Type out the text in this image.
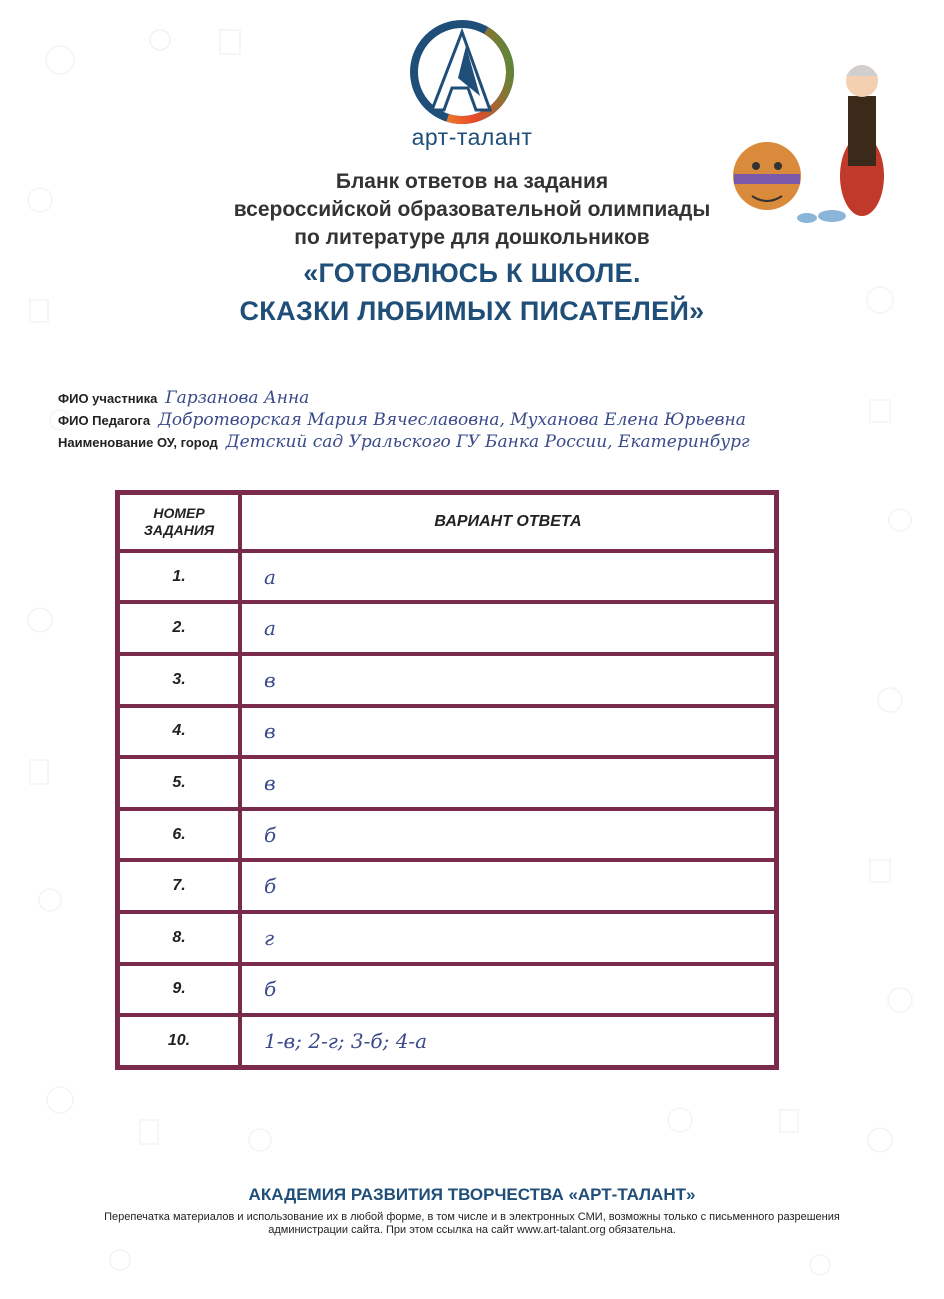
арт-талант
Бланк ответов на задания
всероссийской образовательной олимпиады
по литературе для дошкольников
«ГОТОВЛЮСЬ К ШКОЛЕ.
СКАЗКИ ЛЮБИМЫХ ПИСАТЕЛЕЙ»
ФИО участника Гарзанова Анна
ФИО Педагога Добротворская Мария Вячеславовна, Муханова Елена Юрьевна
Наименование ОУ, город Детский сад Уральского ГУ Банка России, Екатеринбург
НОМЕР
ЗАДАНИЯ	ВАРИАНТ ОТВЕТА
1.	а
2.	а
3.	в
4.	в
5.	в
6.	б
7.	б
8.	г
9.	б
10.	1-в; 2-г; 3-б; 4-а
АКАДЕМИЯ РАЗВИТИЯ ТВОРЧЕСТВА «АРТ-ТАЛАНТ»
Перепечатка материалов и использование их в любой форме, в том числе и в электронных СМИ, возможны только с письменного разрешения администрации сайта. При этом ссылка на сайт www.art-talant.org обязательна.
